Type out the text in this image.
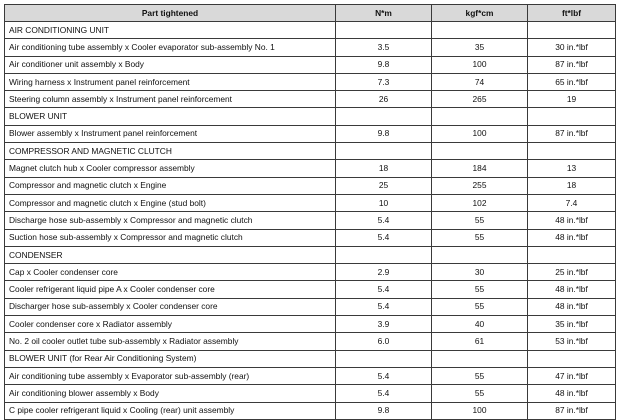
Part tightened	N*m	kgf*cm	ft*lbf
AIR CONDITIONING UNIT			
Air conditioning tube assembly x Cooler evaporator sub-assembly No. 1	3.5	35	30 in.*lbf
Air conditioner unit assembly x Body	9.8	100	87 in.*lbf
Wiring harness x Instrument panel reinforcement	7.3	74	65 in.*lbf
Steering column assembly x Instrument panel reinforcement	26	265	19
BLOWER UNIT			
Blower assembly x Instrument panel reinforcement	9.8	100	87 in.*lbf
COMPRESSOR AND MAGNETIC CLUTCH			
Magnet clutch hub x Cooler compressor assembly	18	184	13
Compressor and magnetic clutch x Engine	25	255	18
Compressor and magnetic clutch x Engine (stud bolt)	10	102	7.4
Discharge hose sub-assembly x Compressor and magnetic clutch	5.4	55	48 in.*lbf
Suction hose sub-assembly x Compressor and magnetic clutch	5.4	55	48 in.*lbf
CONDENSER			
Cap x Cooler condenser core	2.9	30	25 in.*lbf
Cooler refrigerant liquid pipe A x Cooler condenser core	5.4	55	48 in.*lbf
Discharger hose sub-assembly x Cooler condenser core	5.4	55	48 in.*lbf
Cooler condenser core x Radiator assembly	3.9	40	35 in.*lbf
No. 2 oil cooler outlet tube sub-assembly x Radiator assembly	6.0	61	53 in.*lbf
BLOWER UNIT (for Rear Air Conditioning System)			
Air conditioning tube assembly x Evaporator sub-assembly (rear)	5.4	55	47 in.*lbf
Air conditioning blower assembly x Body	5.4	55	48 in.*lbf
C pipe cooler refrigerant liquid x Cooling (rear) unit assembly	9.8	100	87 in.*lbf
